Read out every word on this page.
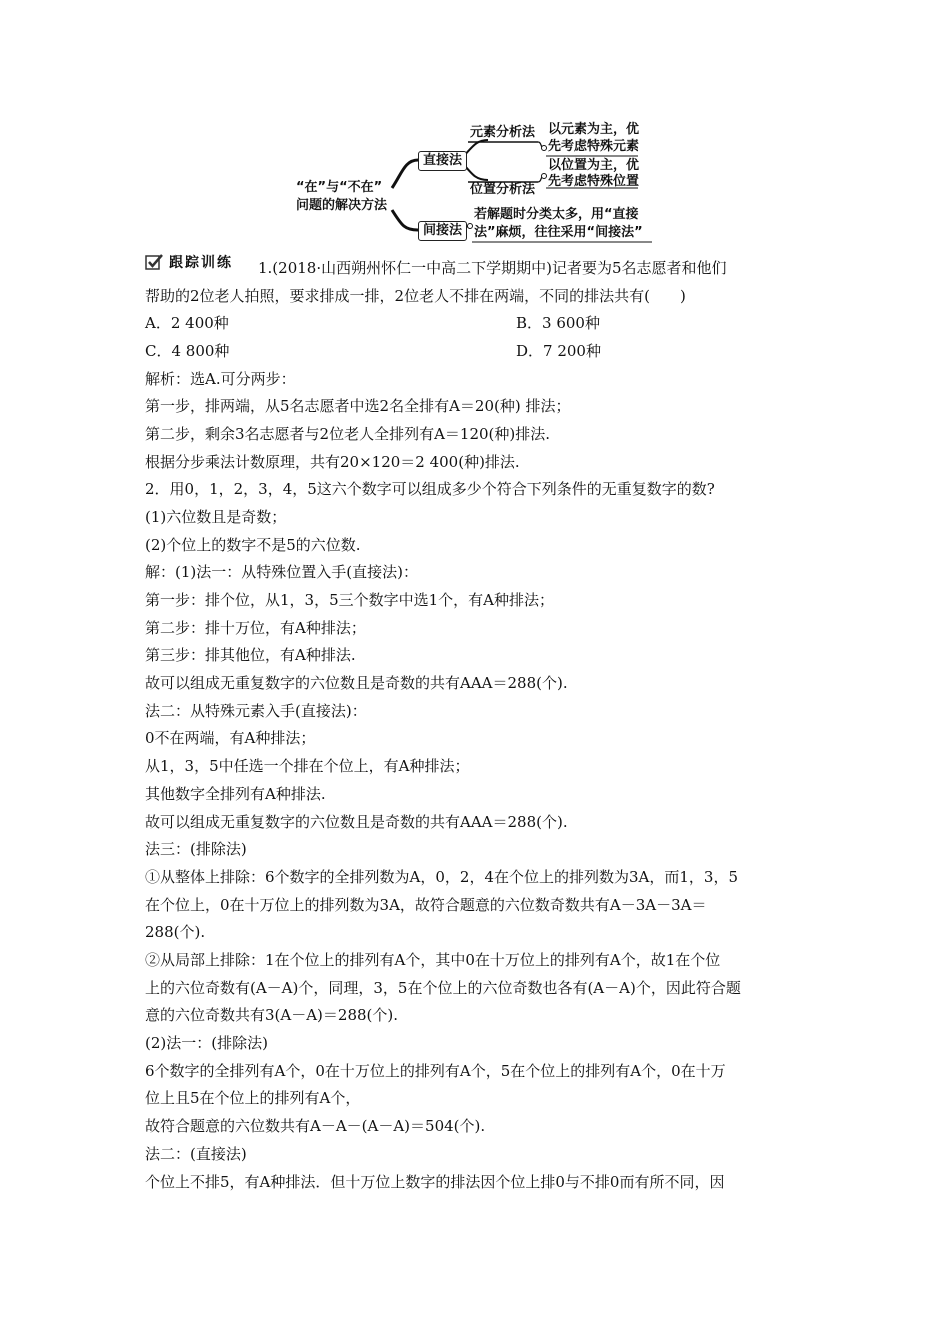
“在”与“不在”
问题的解决方法
直接法
间接法
元素分析法
位置分析法
以元素为主，优
先考虑特殊元素
以位置为主，优
先考虑特殊位置
若解题时分类太多，用“直接
法”麻烦，往往采用“间接法”
跟踪训练 1.(2018·山西朔州怀仁一中高二下学期期中)记者要为5名志愿者和他们
帮助的2位老人拍照，要求排成一排，2位老人不排在两端，不同的排法共有(　　)
A．2 400种	B．3 600种
C．4 800种	D．7 200种
解析：选A.可分两步：
第一步，排两端，从5名志愿者中选2名全排有A＝20(种) 排法；
第二步，剩余3名志愿者与2位老人全排列有A＝120(种)排法.
根据分步乘法计数原理，共有20×120＝2 400(种)排法.
2．用0，1，2，3，4，5这六个数字可以组成多少个符合下列条件的无重复数字的数?
(1)六位数且是奇数；
(2)个位上的数字不是5的六位数.
解：(1)法一：从特殊位置入手(直接法)：
第一步：排个位，从1，3，5三个数字中选1个，有A种排法；
第二步：排十万位，有A种排法；
第三步：排其他位，有A种排法.
故可以组成无重复数字的六位数且是奇数的共有AAA＝288(个).
法二：从特殊元素入手(直接法)：
0不在两端，有A种排法；
从1，3，5中任选一个排在个位上，有A种排法；
其他数字全排列有A种排法.
故可以组成无重复数字的六位数且是奇数的共有AAA＝288(个).
法三：(排除法)
①从整体上排除：6个数字的全排列数为A，0，2，4在个位上的排列数为3A，而1，3，5
在个位上，0在十万位上的排列数为3A，故符合题意的六位数奇数共有A－3A－3A＝
288(个).
②从局部上排除：1在个位上的排列有A个，其中0在十万位上的排列有A个，故1在个位
上的六位奇数有(A－A)个，同理，3，5在个位上的六位奇数也各有(A－A)个，因此符合题
意的六位奇数共有3(A－A)＝288(个).
(2)法一：(排除法)
6个数字的全排列有A个，0在十万位上的排列有A个，5在个位上的排列有A个，0在十万
位上且5在个位上的排列有A个，
故符合题意的六位数共有A－A－(A－A)＝504(个).
法二：(直接法)
个位上不排5，有A种排法．但十万位上数字的排法因个位上排0与不排0而有所不同，因
